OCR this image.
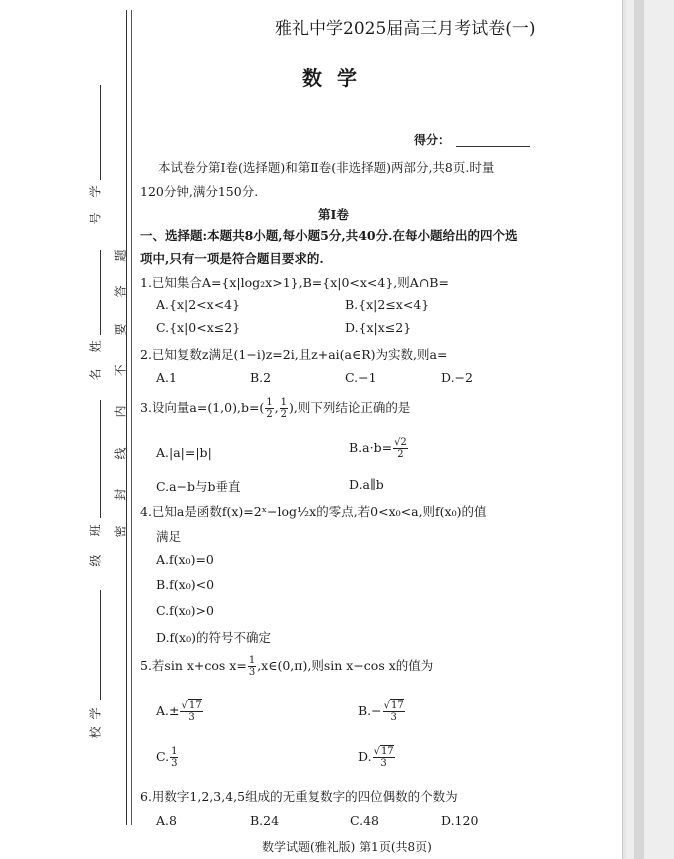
学
号
姓
名
班
级
学
校
题
答
要
不
内
线
封
密
雅礼中学2025届高三月考试卷(一)
数 学
得分：
本试卷分第Ⅰ卷(选择题)和第Ⅱ卷(非选择题)两部分,共8页.时量
120分钟,满分150分.
第Ⅰ卷
一、选择题:本题共8小题,每小题5分,共40分.在每小题给出的四个选
项中,只有一项是符合题目要求的.
1.已知集合A={x|log₂x>1},B={x|0<x<4},则A∩B=
A.{x|2<x<4}	B.{x|2≤x<4}
C.{x|0<x≤2}	D.{x|x≤2}
2.已知复数z满足(1−i)z=2i,且z+ai(a∈R)为实数,则a=
A.1	B.2	C.−1	D.−2
3.设向量$a=(1,0),b=( \frac{1}{2}$ , $\frac{1}{2}$ ),则下列结论正确的是
A.|a|=|b|	$B.a\cdot b= \frac{√2}{2}$
C.a−b与b垂直	D.a∥b
4.已知a是函数f(x)=2ˣ−log½x的零点,若0<x₀<a,则f(x₀)的值
满足
A.f(x₀)=0
B.f(x₀)<0
C.f(x₀)>0
D.f(x₀)的符号不确定
5.若sin x+cos $x= \frac{1}{3}$ ,x∈(0,π),则sin x−cos x的值为
$A.\pm \frac{√17}{3}$	$B.- \frac{√17}{3}$
C. $\frac{1}{3}$	D. $\frac{√17}{3}$
6.用数字1,2,3,4,5组成的无重复数字的四位偶数的个数为
A.8	B.24	C.48	D.120
数学试题(雅礼版) 第1页(共8页)
